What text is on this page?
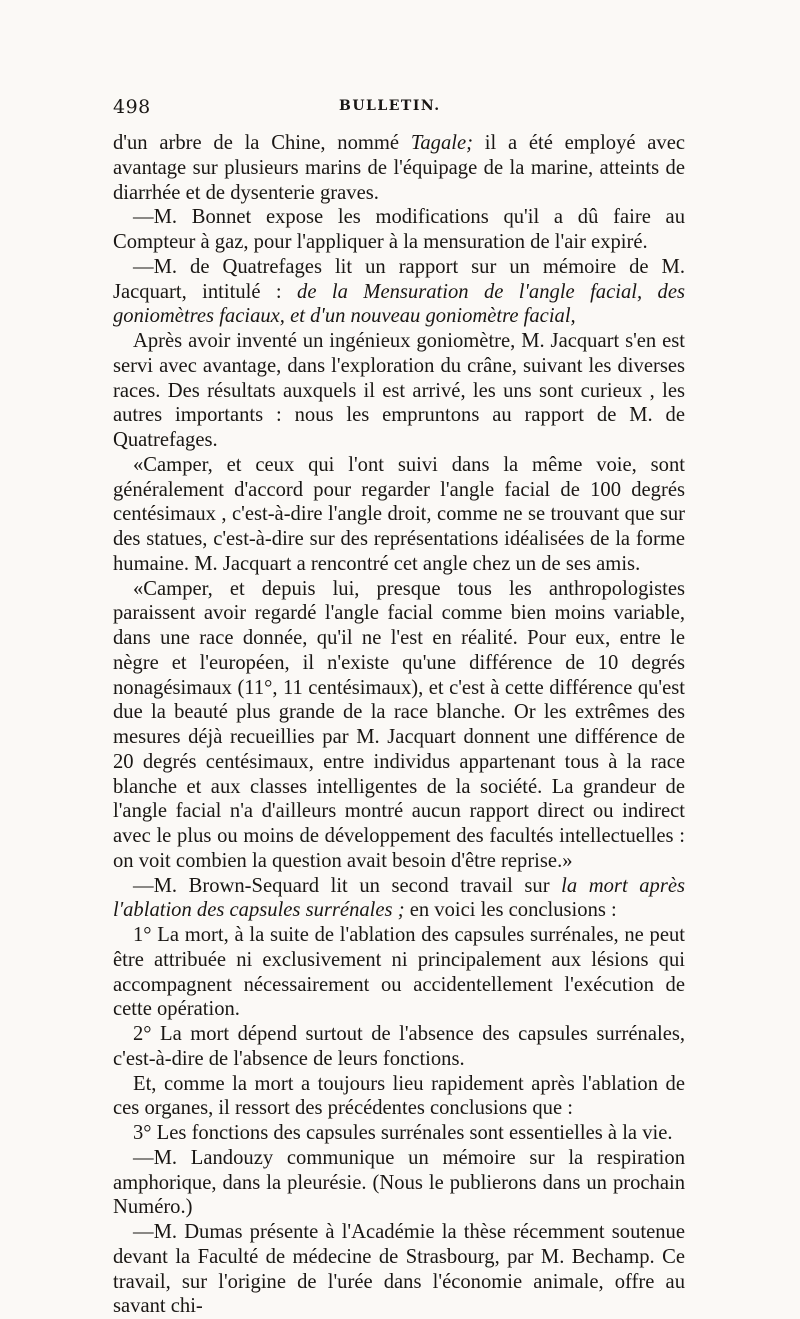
498	BULLETIN.

d'un arbre de la Chine, nommé Tagale; il a été employé avec avantage sur plusieurs marins de l'équipage de la marine, atteints de diarrhée et de dysenterie graves.

—M. Bonnet expose les modifications qu'il a dû faire au Compteur à gaz, pour l'appliquer à la mensuration de l'air expiré.

—M. de Quatrefages lit un rapport sur un mémoire de M. Jacquart, intitulé : de la Mensuration de l'angle facial, des goniomètres faciaux, et d'un nouveau goniomètre facial,

Après avoir inventé un ingénieux goniomètre, M. Jacquart s'en est servi avec avantage, dans l'exploration du crâne, suivant les diverses races. Des résultats auxquels il est arrivé, les uns sont curieux , les autres importants : nous les empruntons au rapport de M. de Quatrefages.

«Camper, et ceux qui l'ont suivi dans la même voie, sont généralement d'accord pour regarder l'angle facial de 100 degrés centésimaux , c'est-à-dire l'angle droit, comme ne se trouvant que sur des statues, c'est-à-dire sur des représentations idéalisées de la forme humaine. M. Jacquart a rencontré cet angle chez un de ses amis.

«Camper, et depuis lui, presque tous les anthropologistes paraissent avoir regardé l'angle facial comme bien moins variable, dans une race donnée, qu'il ne l'est en réalité. Pour eux, entre le nègre et l'européen, il n'existe qu'une différence de 10 degrés nonagésimaux (11°, 11 centésimaux), et c'est à cette différence qu'est due la beauté plus grande de la race blanche. Or les extrêmes des mesures déjà recueillies par M. Jacquart donnent une différence de 20 degrés centésimaux, entre individus appartenant tous à la race blanche et aux classes intelligentes de la société. La grandeur de l'angle facial n'a d'ailleurs montré aucun rapport direct ou indirect avec le plus ou moins de développement des facultés intellectuelles : on voit combien la question avait besoin d'être reprise.»

—M. Brown-Sequard lit un second travail sur la mort après l'ablation des capsules surrénales ; en voici les conclusions :

1° La mort, à la suite de l'ablation des capsules surrénales, ne peut être attribuée ni exclusivement ni principalement aux lésions qui accompagnent nécessairement ou accidentellement l'exécution de cette opération.

2° La mort dépend surtout de l'absence des capsules surrénales, c'est-à-dire de l'absence de leurs fonctions.

Et, comme la mort a toujours lieu rapidement après l'ablation de ces organes, il ressort des précédentes conclusions que :

3° Les fonctions des capsules surrénales sont essentielles à la vie.

—M. Landouzy communique un mémoire sur la respiration amphorique, dans la pleurésie. (Nous le publierons dans un prochain Numéro.)

—M. Dumas présente à l'Académie la thèse récemment soutenue devant la Faculté de médecine de Strasbourg, par M. Bechamp. Ce travail, sur l'origine de l'urée dans l'économie animale, offre au savant chi-
